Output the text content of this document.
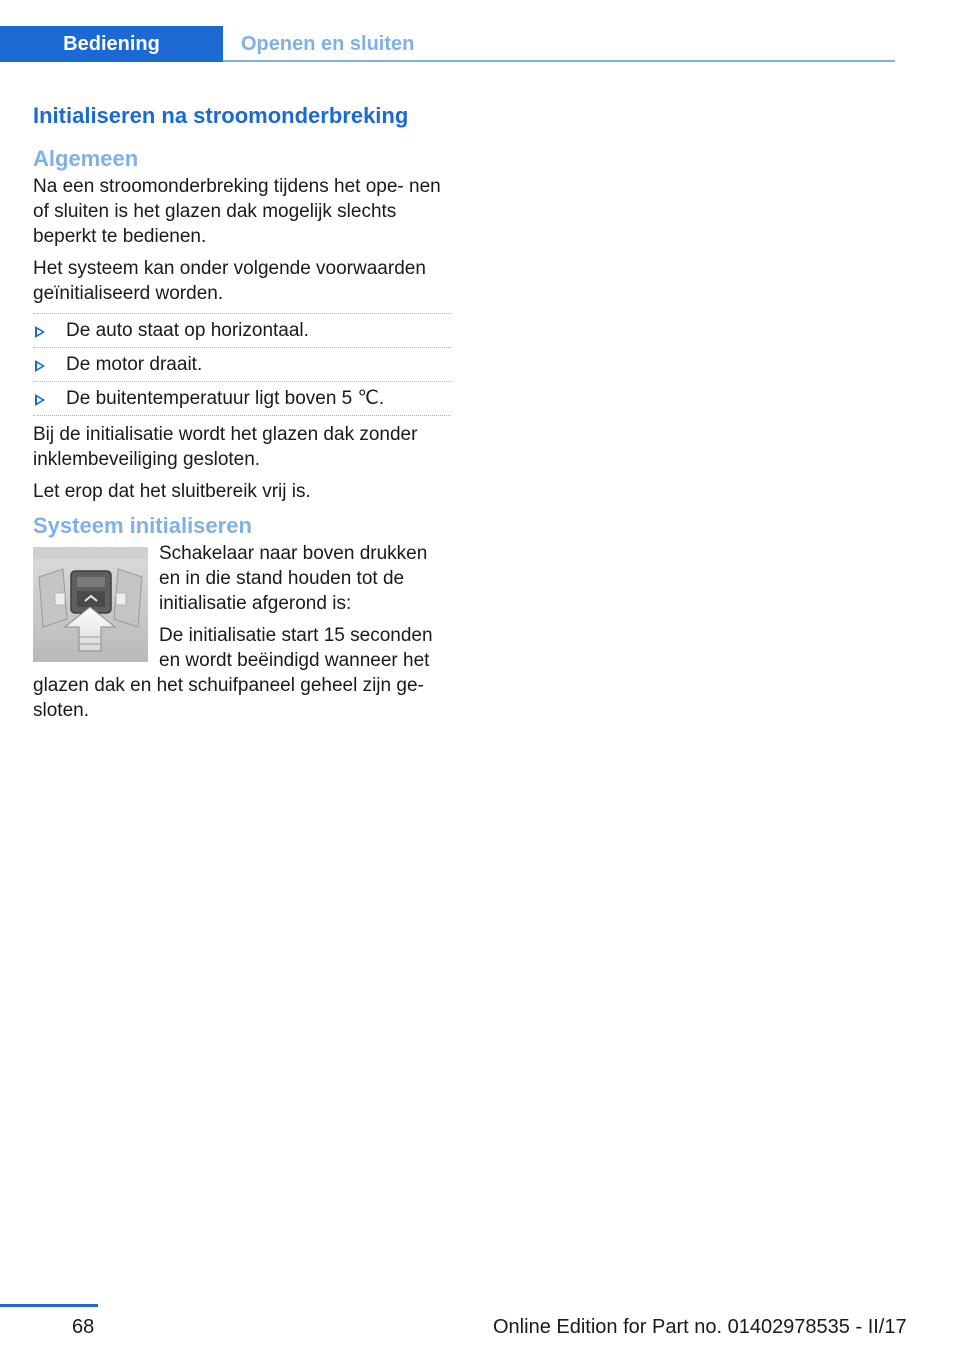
Bediening	Openen en sluiten
Initialiseren na stroomonderbreking
Algemeen

Na een stroomonderbreking tijdens het ope‐ nen of sluiten is het glazen dak mogelijk slechts beperkt te bedienen.

Het systeem kan onder volgende voorwaarden geïnitialiseerd worden.

De auto staat op horizontaal.
De motor draait.
De buitentemperatuur ligt boven 5 ℃.

Bij de initialisatie wordt het glazen dak zonder inklembeveiliging gesloten.

Let erop dat het sluitbereik vrij is.

Systeem initialiseren

Schakelaar naar boven drukken en in die stand houden tot de initialisatie afgerond is:

De initialisatie start 15 seconden en wordt beëindigd wanneer het glazen dak en het schuifpaneel geheel zijn ge‐ sloten.

68	Online Edition for Part no. 01402978535 - II/17
